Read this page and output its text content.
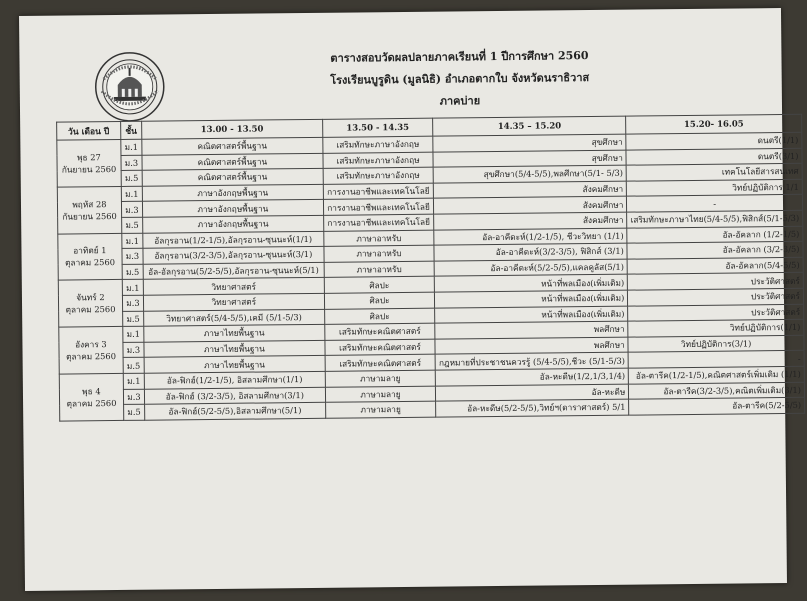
ตารางสอบวัดผลปลายภาคเรียนที่ 1 ปีการศึกษา 2560
โรงเรียนบูรูดิน (มูลนิธิ) อำเภอตากใบ จังหวัดนราธิวาส
ภาคบ่าย
วัน เดือน ปี	ชั้น	13.00 - 13.50	13.50 - 14.35	14.35 – 15.20	15.20- 16.05
พุธ 27
กันยายน 2560	ม.1	คณิตศาสตร์พื้นฐาน	เสริมทักษะภาษาอังกฤษ	สุขศึกษา	ดนตรี(1/1)
	ม.3	คณิตศาสตร์พื้นฐาน	เสริมทักษะภาษาอังกฤษ	สุขศึกษา	ดนตรี(3/1)
	ม.5	คณิตศาสตร์พื้นฐาน	เสริมทักษะภาษาอังกฤษ	สุขศึกษา(5/4-5/5),พลศึกษา(5/1- 5/3)	เทคโนโลยีสารสนเทศ
พฤหัส 28
กันยายน 2560	ม.1	ภาษาอังกฤษพื้นฐาน	การงานอาชีพและเทคโนโลยี	สังคมศึกษา	วิทย์ปฏิบัติการ 1/1
	ม.3	ภาษาอังกฤษพื้นฐาน	การงานอาชีพและเทคโนโลยี	สังคมศึกษา	-
	ม.5	ภาษาอังกฤษพื้นฐาน	การงานอาชีพและเทคโนโลยี	สังคมศึกษา	เสริมทักษะภาษาไทย(5/4-5/5),ฟิสิกส์(5/1-5/3)
อาทิตย์ 1
ตุลาคม 2560	ม.1	อัลกุรอาน(1/2-1/5),อัลกุรอาน-ซุนนะห์(1/1)	ภาษาอาหรับ	อัล-อาคีดะห์(1/2-1/5), ชีวะวิทยา (1/1)	อัล-อัคลาก (1/2-1/5)
	ม.3	อัลกุรอาน(3/2-3/5),อัลกุรอาน-ซุนนะห์(3/1)	ภาษาอาหรับ	อัล-อาคีดะห์(3/2-3/5), ฟิสิกส์ (3/1)	อัล-อัคลาก (3/2-3/5)
	ม.5	อัล-อัลกุรอาน(5/2-5/5),อัลกุรอาน-ซุนนะห์(5/1)	ภาษาอาหรับ	อัล-อาคีดะห์(5/2-5/5),แคลคูลัส(5/1)	อัล-อัคลาก(5/4-5/5)
จันทร์ 2
ตุลาคม 2560	ม.1	วิทยาศาสตร์	ศิลปะ	หน้าที่พลเมือง(เพิ่มเติม)	ประวัติศาสตร์
	ม.3	วิทยาศาสตร์	ศิลปะ	หน้าที่พลเมือง(เพิ่มเติม)	ประวัติศาสตร์
	ม.5	วิทยาศาสตร์(5/4-5/5),เคมี (5/1-5/3)	ศิลปะ	หน้าที่พลเมือง(เพิ่มเติม)	ประวัติศาสตร์
อังคาร 3
ตุลาคม 2560	ม.1	ภาษาไทยพื้นฐาน	เสริมทักษะคณิตศาสตร์	พลศึกษา	วิทย์ปฏิบัติการ(1/1)
	ม.3	ภาษาไทยพื้นฐาน	เสริมทักษะคณิตศาสตร์	พลศึกษา	วิทย์ปฏิบัติการ(3/1)
	ม.5	ภาษาไทยพื้นฐาน	เสริมทักษะคณิตศาสตร์	กฎหมายที่ประชาชนควรรู้ (5/4-5/5),ชีวะ (5/1-5/3)	-
พุธ 4
ตุลาคม 2560	ม.1	อัล-ฟิกฮ์(1/2-1/5), อิสลามศึกษา(1/1)	ภาษามลายู	อัล-หะดีษ(1/2,1/3,1/4)	อัล-ตารีค(1/2-1/5),คณิตศาสตร์เพิ่มเติม (1/1)
	ม.3	อัล-ฟิกฮ์ (3/2-3/5), อิสลามศึกษา(3/1)	ภาษามลายู	อัล-หะดีษ	อัล-ตารีค(3/2-3/5),คณิตเพิ่มเติม(3/1)
	ม.5	อัล-ฟิกฮ์(5/2-5/5),อิสลามศึกษา(5/1)	ภาษามลายู	อัล-หะดีษ(5/2-5/5),วิทย์ฯ(ดาราศาสตร์) 5/1	อัล-ตารีค(5/2-5/5)
